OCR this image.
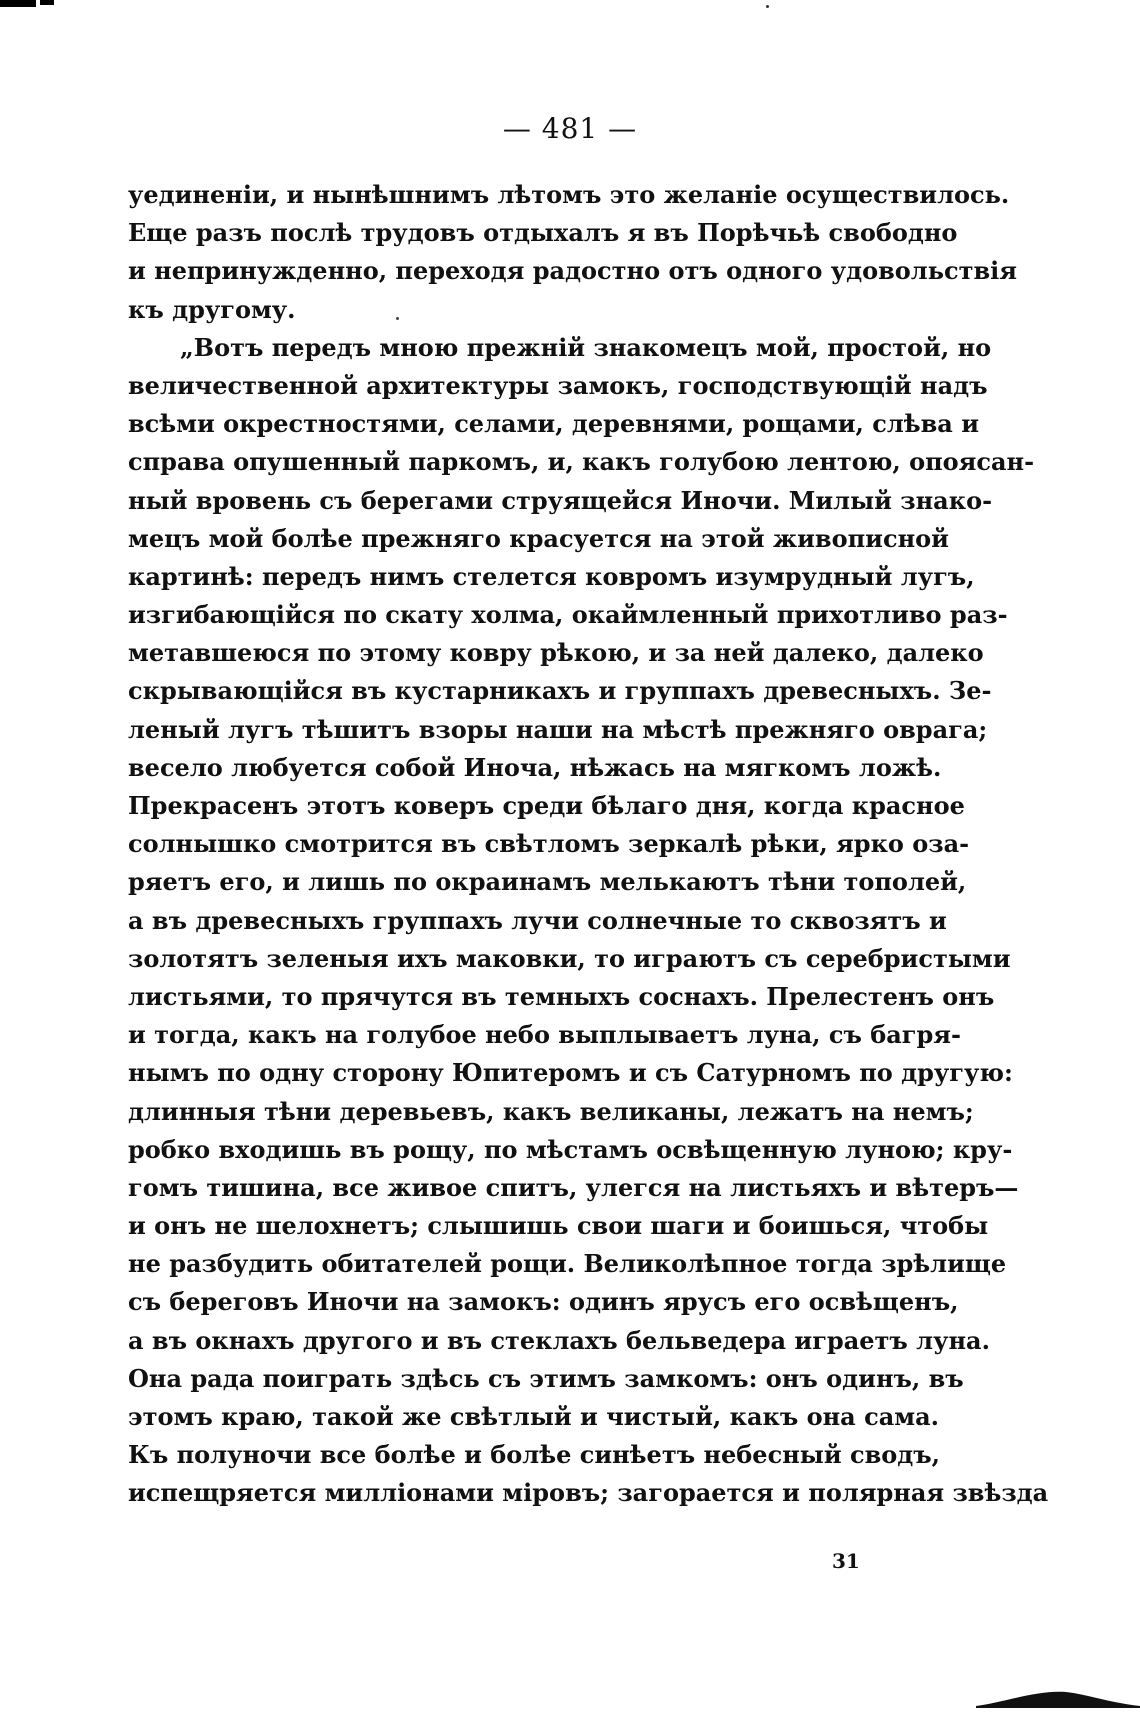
— 481 —
уединеніи, и нынѣшнимъ лѣтомъ это желаніе осуществилось.
Еще разъ послѣ трудовъ отдыхалъ я въ Порѣчьѣ свободно
и непринужденно, переходя радостно отъ одного удовольствія
къ другому.
„Вотъ передъ мною прежній знакомецъ мой, простой, но
величественной архитектуры замокъ, господствующій надъ
всѣми окрестностями, селами, деревнями, рощами, слѣва и
справа опушенный паркомъ, и, какъ голубою лентою, опоясан-
ный вровень съ берегами струящейся Иночи. Милый знако-
мецъ мой болѣе прежняго красуется на этой живописной
картинѣ: передъ нимъ стелется ковромъ изумрудный лугъ,
изгибающійся по скату холма, окаймленный прихотливо раз-
метавшеюся по этому ковру рѣкою, и за ней далеко, далеко
скрывающійся въ кустарникахъ и группахъ древесныхъ. Зе-
леный лугъ тѣшитъ взоры наши на мѣстѣ прежняго оврага;
весело любуется собой Иноча, нѣжась на мягкомъ ложѣ.
Прекрасенъ этотъ коверъ среди бѣлаго дня, когда красное
солнышко смотрится въ свѣтломъ зеркалѣ рѣки, ярко оза-
ряетъ его, и лишь по окраинамъ мелькаютъ тѣни тополей,
а въ древесныхъ группахъ лучи солнечные то сквозятъ и
золотятъ зеленыя ихъ маковки, то играютъ съ серебристыми
листьями, то прячутся въ темныхъ соснахъ. Прелестенъ онъ
и тогда, какъ на голубое небо выплываетъ луна, съ багря-
нымъ по одну сторону Юпитеромъ и съ Сатурномъ по другую:
длинныя тѣни деревьевъ, какъ великаны, лежатъ на немъ;
робко входишь въ рощу, по мѣстамъ освѣщенную луною; кру-
гомъ тишина, все живое спитъ, улегся на листьяхъ и вѣтеръ—
и онъ не шелохнетъ; слышишь свои шаги и боишься, чтобы
не разбудить обитателей рощи. Великолѣпное тогда зрѣлище
съ береговъ Иночи на замокъ: одинъ ярусъ его освѣщенъ,
а въ окнахъ другого и въ стеклахъ бельведера играетъ луна.
Она рада поиграть здѣсь съ этимъ замкомъ: онъ одинъ, въ
этомъ краю, такой же свѣтлый и чистый, какъ она сама.
Къ полуночи все болѣе и болѣе синѣетъ небесный сводъ,
испещряется милліонами міровъ; загорается и полярная звѣзда
31
